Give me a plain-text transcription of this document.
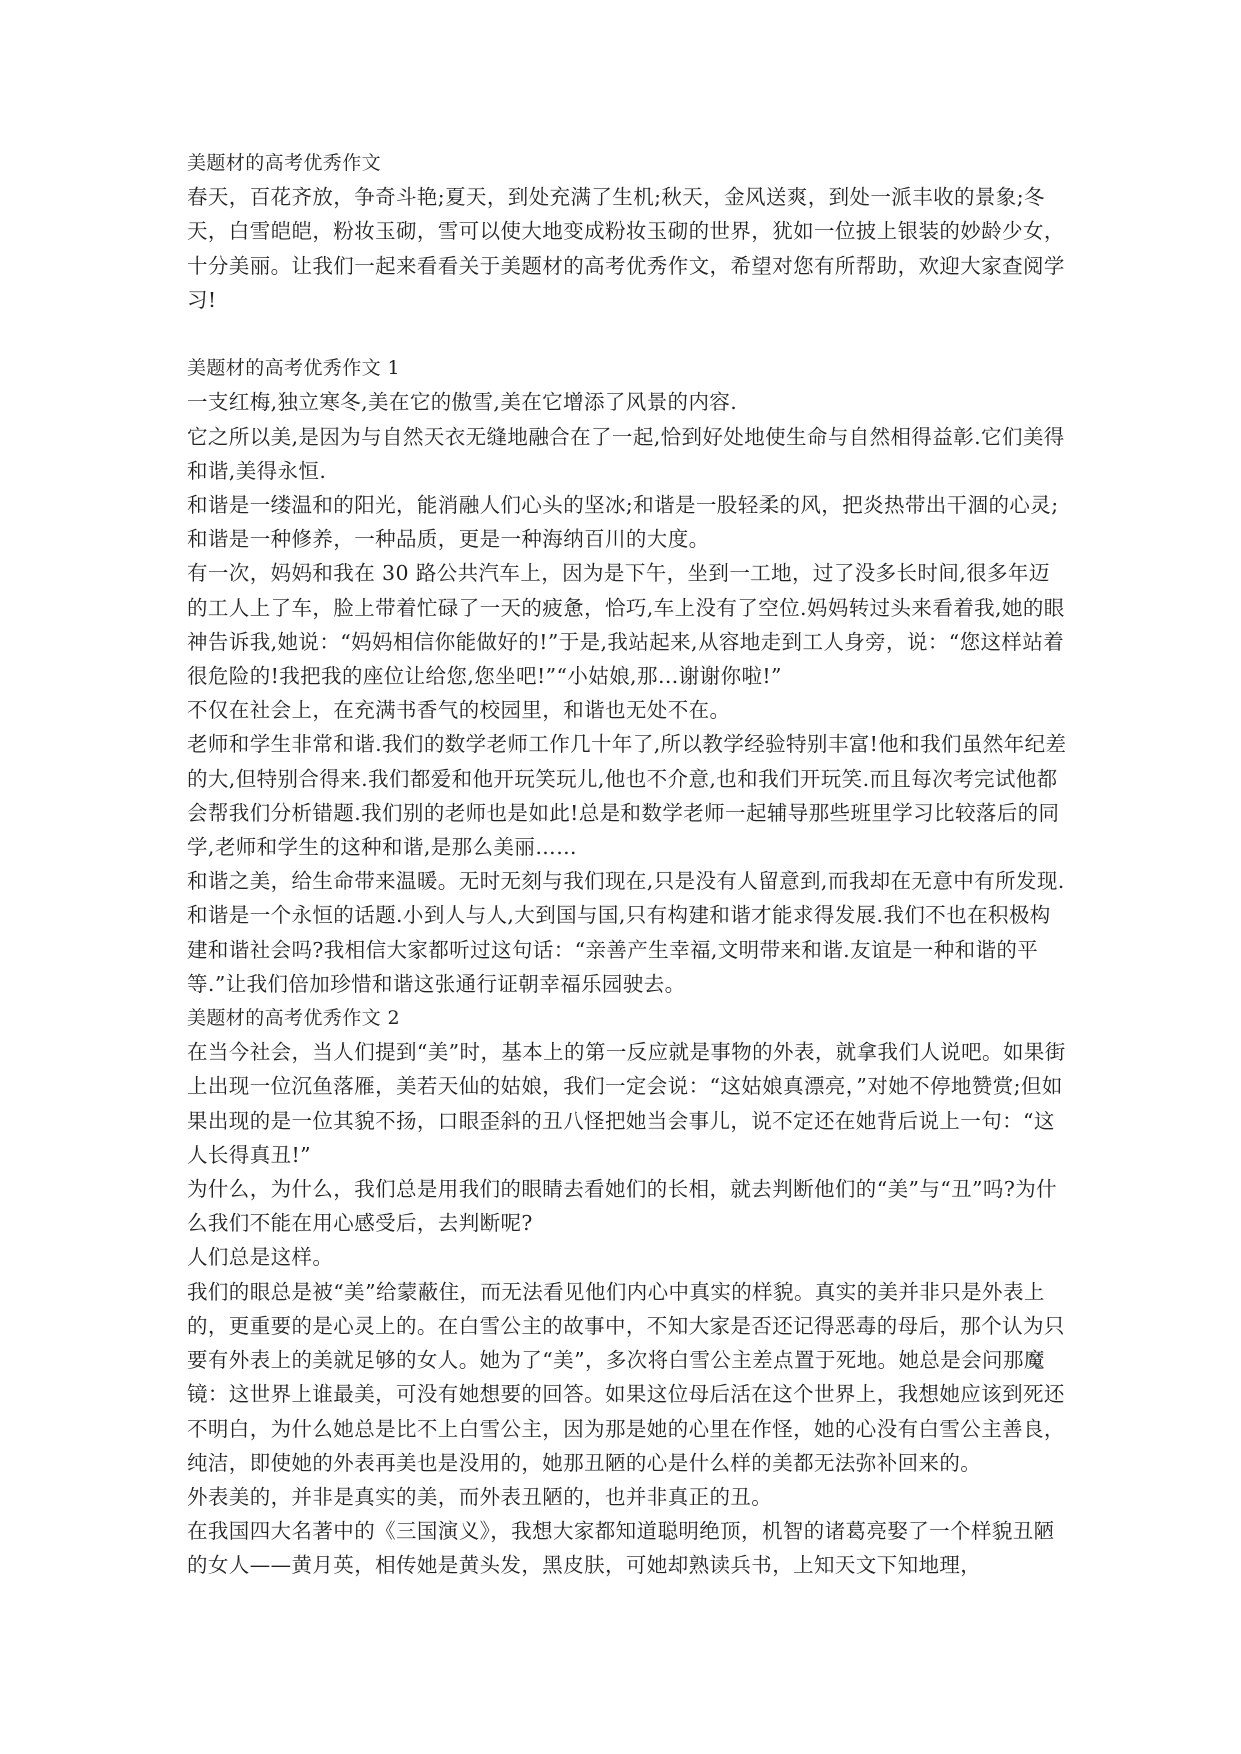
美题材的高考优秀作文

春天，百花齐放，争奇斗艳;夏天，到处充满了生机;秋天，金风送爽，到处一派丰收的景象;冬天，白雪皑皑，粉妆玉砌，雪可以使大地变成粉妆玉砌的世界，犹如一位披上银装的妙龄少女，十分美丽。让我们一起来看看关于美题材的高考优秀作文，希望对您有所帮助，欢迎大家查阅学习!

美题材的高考优秀作文 1

一支红梅,独立寒冬,美在它的傲雪,美在它增添了风景的内容.

它之所以美,是因为与自然天衣无缝地融合在了一起,恰到好处地使生命与自然相得益彰.它们美得和谐,美得永恒.

和谐是一缕温和的阳光，能消融人们心头的坚冰;和谐是一股轻柔的风，把炎热带出干涸的心灵;和谐是一种修养，一种品质，更是一种海纳百川的大度。

有一次，妈妈和我在 30 路公共汽车上，因为是下午，坐到一工地，过了没多长时间,很多年迈的工人上了车，脸上带着忙碌了一天的疲惫，恰巧,车上没有了空位.妈妈转过头来看着我,她的眼神告诉我,她说：“妈妈相信你能做好的!”于是,我站起来,从容地走到工人身旁，说：“您这样站着很危险的!我把我的座位让给您,您坐吧!”“小姑娘,那…谢谢你啦!”

不仅在社会上，在充满书香气的校园里，和谐也无处不在。

老师和学生非常和谐.我们的数学老师工作几十年了,所以教学经验特别丰富!他和我们虽然年纪差的大,但特别合得来.我们都爱和他开玩笑玩儿,他也不介意,也和我们开玩笑.而且每次考完试他都会帮我们分析错题.我们别的老师也是如此!总是和数学老师一起辅导那些班里学习比较落后的同学,老师和学生的这种和谐,是那么美丽……

和谐之美，给生命带来温暖。无时无刻与我们现在,只是没有人留意到,而我却在无意中有所发现.

和谐是一个永恒的话题.小到人与人,大到国与国,只有构建和谐才能求得发展.我们不也在积极构建和谐社会吗?我相信大家都听过这句话：“亲善产生幸福,文明带来和谐.友谊是一种和谐的平等.”让我们倍加珍惜和谐这张通行证朝幸福乐园驶去。

美题材的高考优秀作文 2

在当今社会，当人们提到“美”时，基本上的第一反应就是事物的外表，就拿我们人说吧。如果街上出现一位沉鱼落雁，美若天仙的姑娘，我们一定会说：“这姑娘真漂亮，”对她不停地赞赏;但如果出现的是一位其貌不扬，口眼歪斜的丑八怪把她当会事儿，说不定还在她背后说上一句：“这人长得真丑!”

为什么，为什么，我们总是用我们的眼睛去看她们的长相，就去判断他们的“美”与“丑”吗?为什么我们不能在用心感受后，去判断呢?

人们总是这样。

我们的眼总是被“美”给蒙蔽住，而无法看见他们内心中真实的样貌。真实的美并非只是外表上的，更重要的是心灵上的。在白雪公主的故事中，不知大家是否还记得恶毒的母后，那个认为只要有外表上的美就足够的女人。她为了“美”，多次将白雪公主差点置于死地。她总是会问那魔镜：这世界上谁最美，可没有她想要的回答。如果这位母后活在这个世界上，我想她应该到死还不明白，为什么她总是比不上白雪公主，因为那是她的心里在作怪，她的心没有白雪公主善良，纯洁，即使她的外表再美也是没用的，她那丑陋的心是什么样的美都无法弥补回来的。

外表美的，并非是真实的美，而外表丑陋的，也并非真正的丑。

在我国四大名著中的《三国演义》，我想大家都知道聪明绝顶，机智的诸葛亮娶了一个样貌丑陋的女人——黄月英，相传她是黄头发，黑皮肤，可她却熟读兵书，上知天文下知地理，
